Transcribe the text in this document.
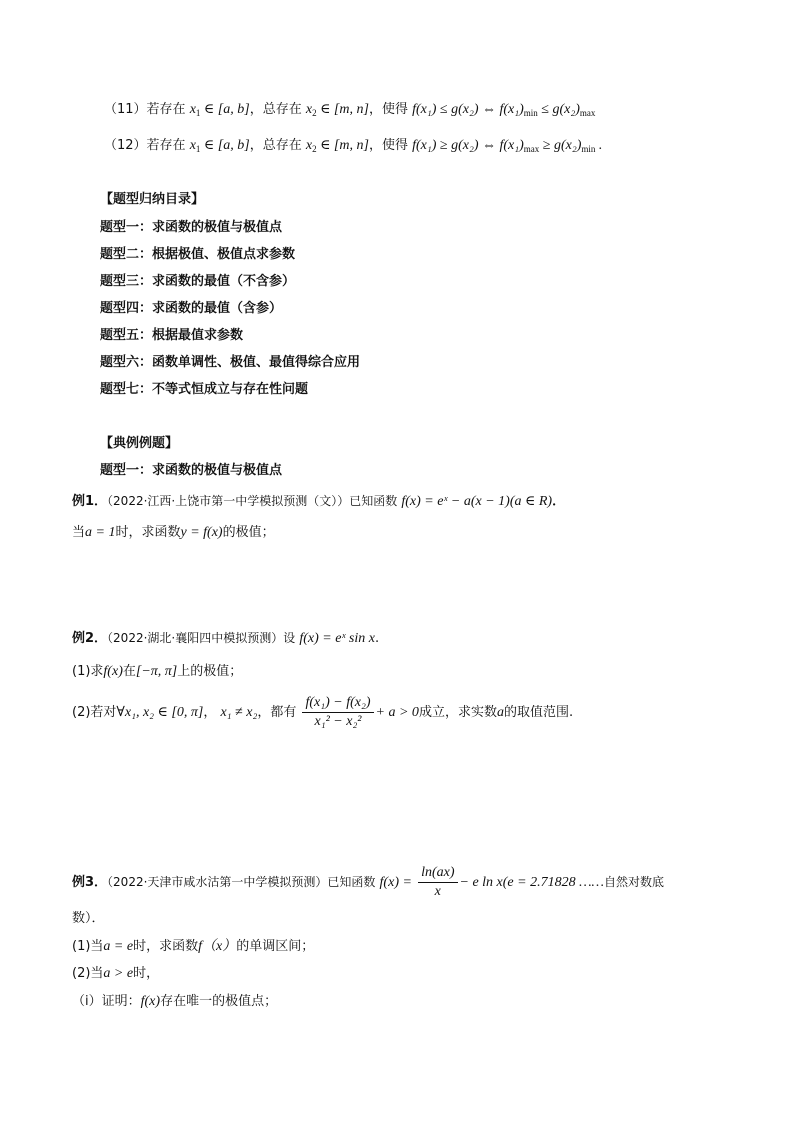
（11）若存在 $x_1$ ∈ [a, b]，总存在 $x_2$ ∈ [m, n]，使得 f(x₁) ≤ g(x₂) ⇔ $f(x_1)_{min} \le g(x_2)_{max}$
（12）若存在 $x_1$ ∈ [a, b]，总存在 $x_2$ ∈ [m, n]，使得 f(x₁) ≥ g(x₂) ⇔ $f(x_1)_{max} \ge g(x_2)_{min}$ .
【题型归纳目录】
题型一：求函数的极值与极值点
题型二：根据极值、极值点求参数
题型三：求函数的最值（不含参）
题型四：求函数的最值（含参）
题型五：根据最值求参数
题型六：函数单调性、极值、最值得综合应用
题型七：不等式恒成立与存在性问题
【典例例题】
题型一：求函数的极值与极值点
例1．（2022·江西·上饶市第一中学模拟预测（文））已知函数 f(x) = eˣ − a(x − 1)(a ∈ R)．
当a = 1时，求函数y = f(x)的极值；
例2．（2022·湖北·襄阳四中模拟预测）设 f(x) = eˣ sin x.
(1)求f(x)在[−π, π]上的极值；
(2)若对∀x₁, x₂ ∈ [0, π]， x₁ ≠ x₂，都有 $\frac{\text{f(x₁) − f(x₂)}}{\text{x₁² − x₂²}} + a > 0$成立，求实数a的取值范围.
例3．（2022·天津市咸水沽第一中学模拟预测）已知函数 $f(x) = \frac{\ln(ax)}{x} - e$ ln x(e = 2.71828 ……自然对数底
数）．
(1)当a = e时，求函数f（x）的单调区间；
(2)当a > e时，
（i）证明：f(x)存在唯一的极值点；
